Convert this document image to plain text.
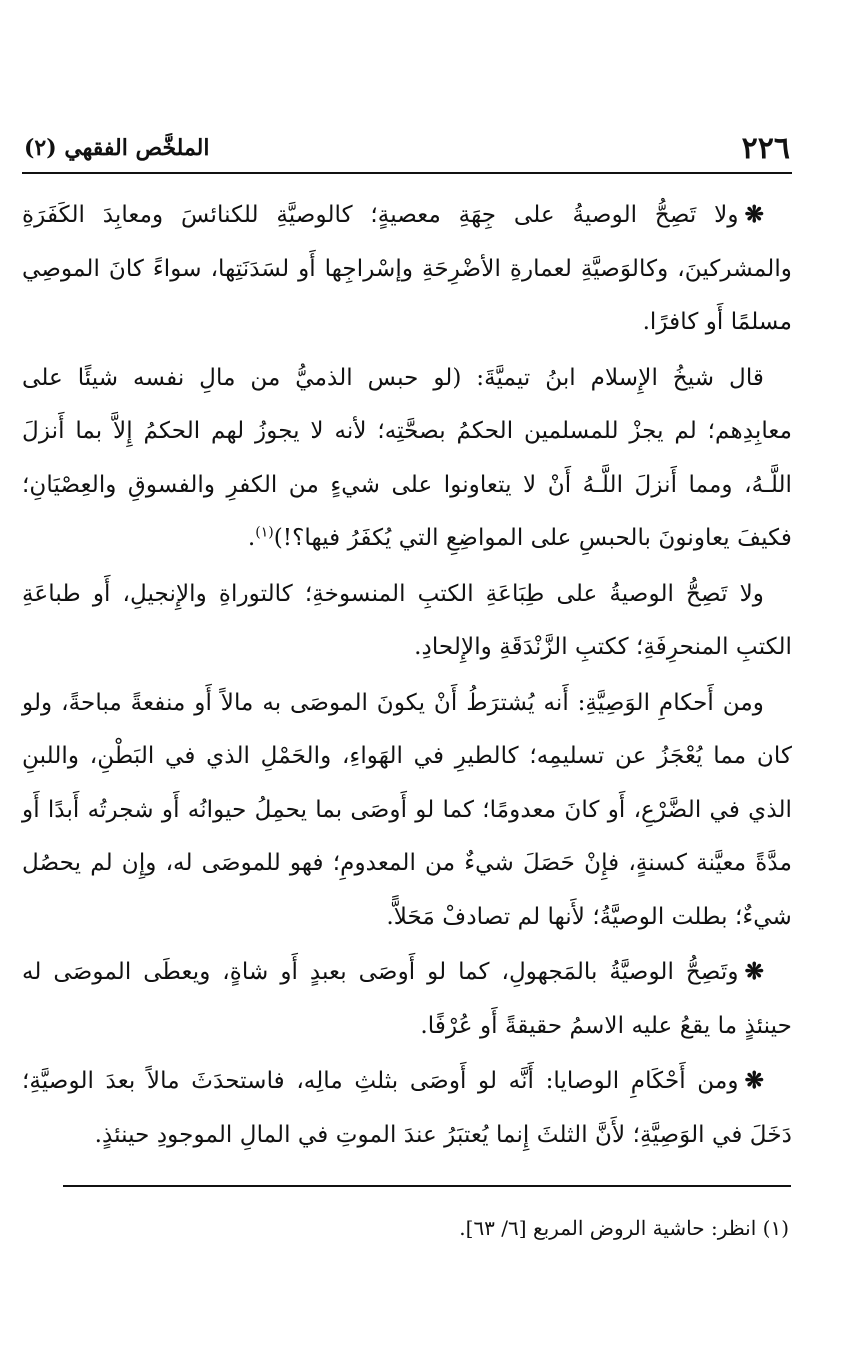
٢٢٦
الملخَّص الفقهي (٢)

❋ولا تَصِحُّ الوصيةُ على جِهَةِ معصيةٍ؛ كالوصيَّةِ للكنائسَ ومعابِدَ الكَفَرَةِ والمشركينَ، وكالوَصيَّةِ لعمارةِ الأضْرِحَةِ وإسْراجِها أَو لسَدَنَتِها، سواءً كانَ الموصِي مسلمًا أَو كافرًا.

قال شيخُ الإِسلام ابنُ تيميَّةَ: (لو حبس الذميُّ من مالِ نفسه شيئًا على معابِدِهم؛ لم يجزْ للمسلمين الحكمُ بصحَّتِه؛ لأنه لا يجوزُ لهم الحكمُ إِلاَّ بما أَنزلَ اللَّـهُ، ومما أَنزلَ اللَّـهُ أَنْ لا يتعاونوا على شيءٍ من الكفرِ والفسوقِ والعِصْيَانِ؛ فكيفَ يعاونونَ بالحبسِ على المواضِعِ التي يُكفَرُ فيها؟!)$^{(١)}$.

ولا تَصِحُّ الوصيةُ على طِبَاعَةِ الكتبِ المنسوخةِ؛ كالتوراةِ والإِنجيلِ، أَو طباعَةِ الكتبِ المنحرِفَةِ؛ ككتبِ الزَّنْدَقَةِ والإِلحادِ.

ومن أَحكامِ الوَصِيَّةِ: أَنه يُشترَطُ أَنْ يكونَ الموصَى به مالاً أَو منفعةً مباحةً، ولو كان مما يُعْجَزُ عن تسليمِه؛ كالطيرِ في الهَواءِ، والحَمْلِ الذي في البَطْنِ، واللبنِ الذي في الضَّرْعِ، أَو كانَ معدومًا؛ كما لو أَوصَى بما يحمِلُ حيوانُه أَو شجرتُه أَبدًا أَو مدَّةً معيَّنة كسنةٍ، فإِنْ حَصَلَ شيءٌ من المعدومِ؛ فهو للموصَى له، وإِن لم يحصُل شيءٌ؛ بطلت الوصيَّةُ؛ لأَنها لم تصادفْ مَحَلاًّ.

❋وتَصِحُّ الوصيَّةُ بالمَجهولِ، كما لو أَوصَى بعبدٍ أَو شاةٍ، ويعطَى الموصَى له حينئذٍ ما يقعُ عليه الاسمُ حقيقةً أَو عُرْفًا.

❋ومن أَحْكَامِ الوصايا: أَنَّه لو أَوصَى بثلثِ مالِه، فاستحدَثَ مالاً بعدَ الوصيَّةِ؛ دَخَلَ في الوَصِيَّةِ؛ لأَنَّ الثلثَ إِنما يُعتبَرُ عندَ الموتِ في المالِ الموجودِ حينئذٍ.

(١) انظر: حاشية الروض المربع [٦/ ٦٣].
